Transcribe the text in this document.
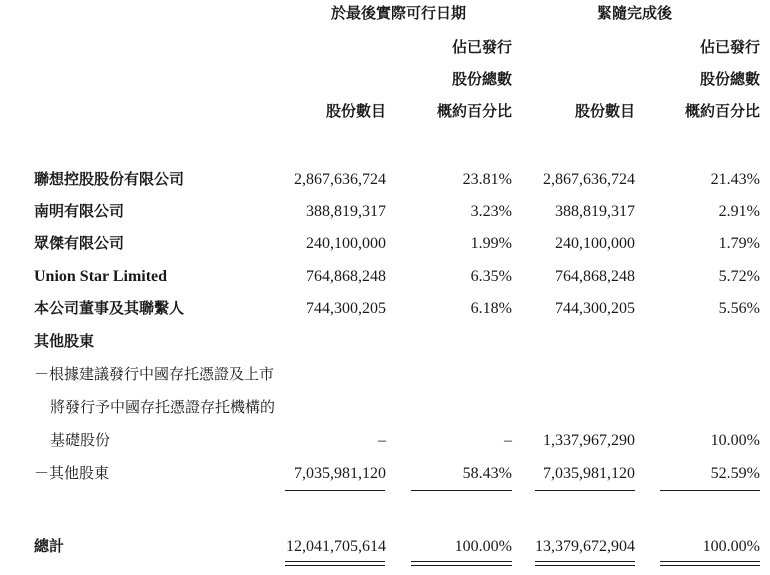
於最後實際可行日期	緊隨完成後
佔已發行
股份總數
股份數目	概約百分比
佔已發行
股份總數
股份數目	概約百分比
聯想控股股份有限公司	2,867,636,724	23.81% 2,867,636,724	21.43%
南明有限公司	388,819,317	3.23%	388,819,317	2.91%
眾傑有限公司	240,100,000	1.99%	240,100,000	1.79%
Union Star Limited	764,868,248	6.35%	764,868,248	5.72%
本公司董事及其聯繫人	744,300,205	6.18%	744,300,205	5.56%
其他股東
－根據建議發行中國存托憑證及上市
將發行予中國存托憑證存托機構的
基礎股份	–	– 1,337,967,290	10.00%
－其他股東	7,035,981,120	58.43% 7,035,981,120	52.59%
總計	12,041,705,614	100.00% 13,379,672,904	100.00%
